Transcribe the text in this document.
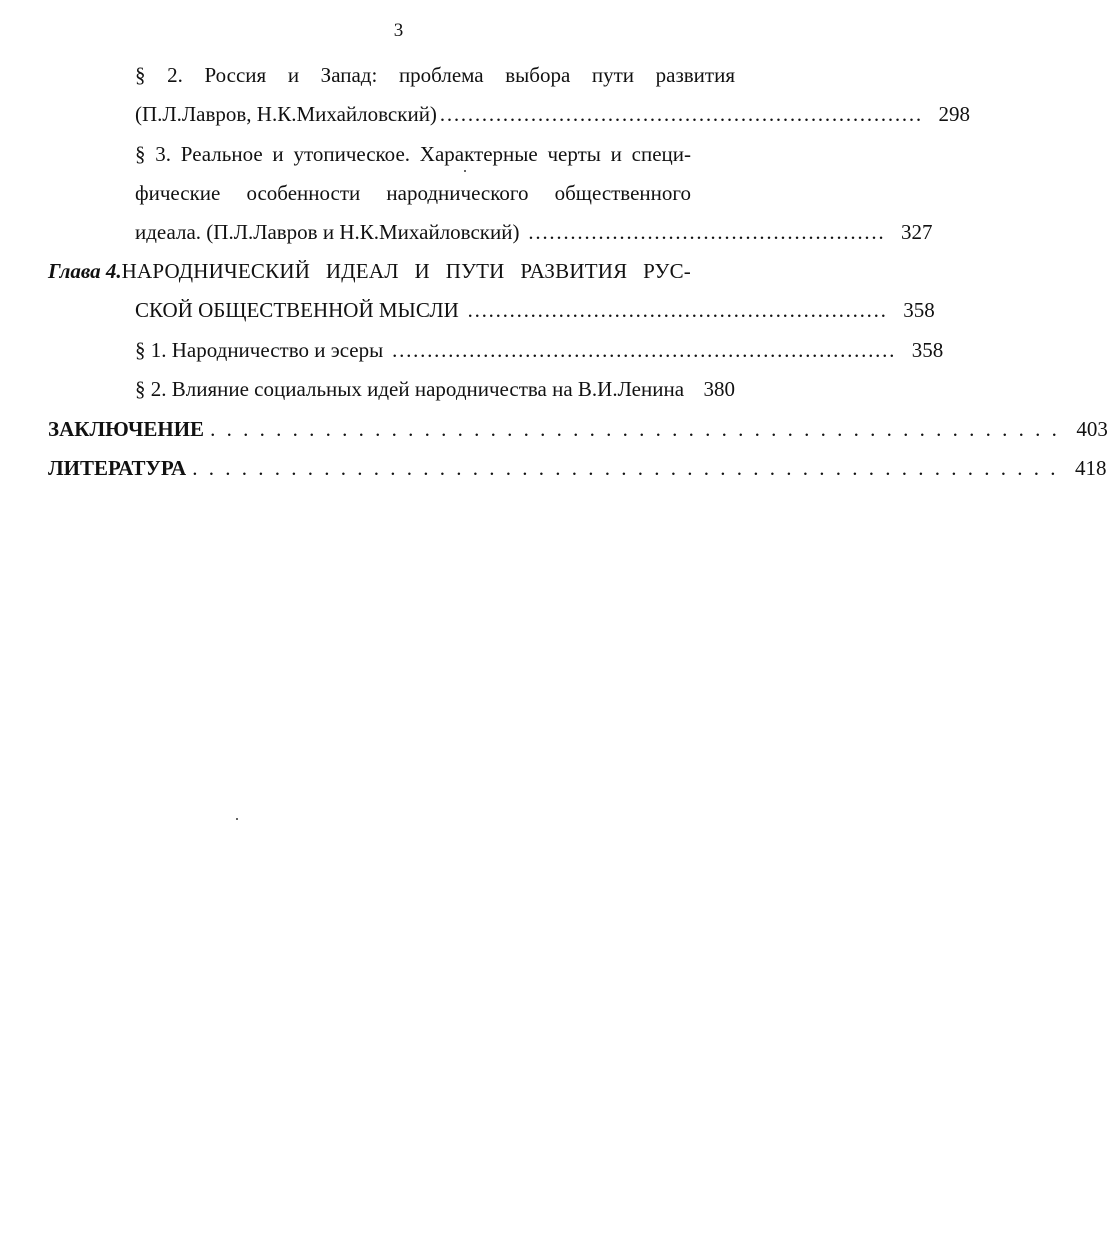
3
§ 2. Россия и Запад: проблема выбора пути развития
(П.Л.Лавров, Н.К.Михайловский) …………………………………………………………… 298
§ 3. Реальное и утопическое. Характерные черты и специ-
фические особенности народнического общественного
идеала. (П.Л.Лавров и Н.К.Михайловский) …………………………………………… 327
Глава 4. НАРОДНИЧЕСКИЙ ИДЕАЛ И ПУТИ РАЗВИТИЯ РУС-
СКОЙ ОБЩЕСТВЕННОЙ МЫСЛИ …………………………………………………… 358
§ 1. Народничество и эсеры ……………………………………………………………… 358
§ 2. Влияние социальных идей народничества на В.И.Ленина 380
ЗАКЛЮЧЕНИЕ . . . . . . . . . . . . . . . . . . . . . . . . . . . . . . . . . . . . . . . . . . . . . . . . . . . . 403
ЛИТЕРАТУРА . . . . . . . . . . . . . . . . . . . . . . . . . . . . . . . . . . . . . . . . . . . . . . . . . . . . . 418
